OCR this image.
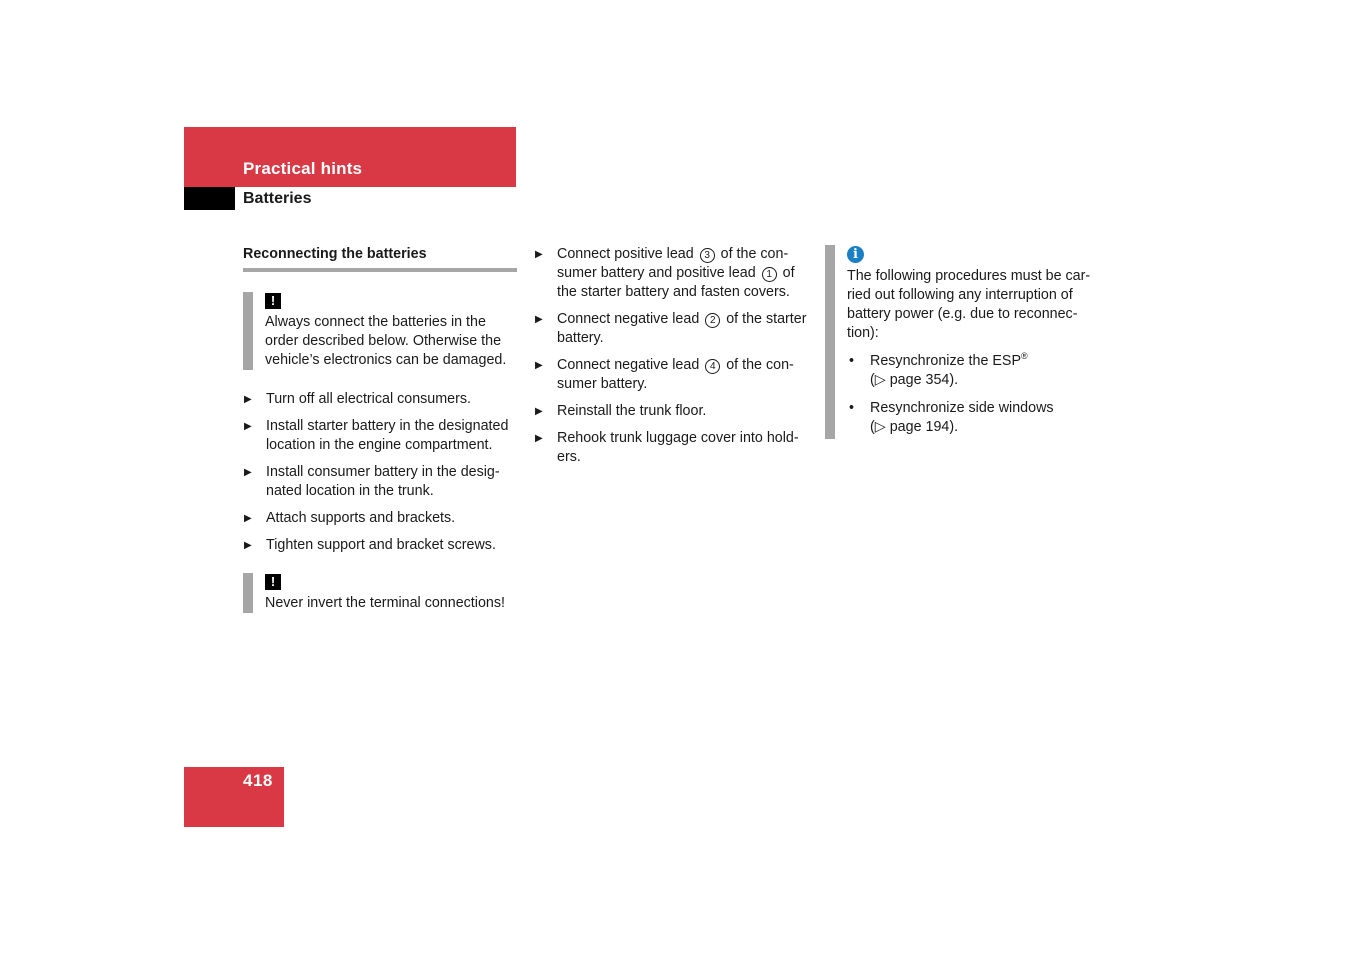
Practical hints
Batteries
Reconnecting the batteries
!
Always connect the batteries in the order described below. Otherwise the vehicle’s electronics can be damaged.
▶ Turn off all electrical consumers.
▶ Install starter battery in the designated location in the engine compartment.
▶ Install consumer battery in the desig-nated location in the trunk.
▶ Attach supports and brackets.
▶ Tighten support and bracket screws.
!
Never invert the terminal connections!
▶ Connect positive lead 3 of the con-sumer battery and positive lead 1 of the starter battery and fasten covers.
▶ Connect negative lead 2 of the starter battery.
▶ Connect negative lead 4 of the con-sumer battery.
▶ Reinstall the trunk floor.
▶ Rehook trunk luggage cover into hold-ers.
i
The following procedures must be car-ried out following any interruption of battery power (e.g. due to reconnec-tion):
• Resynchronize the ESP®
(▷ page 354).
• Resynchronize side windows
(▷ page 194).
418
